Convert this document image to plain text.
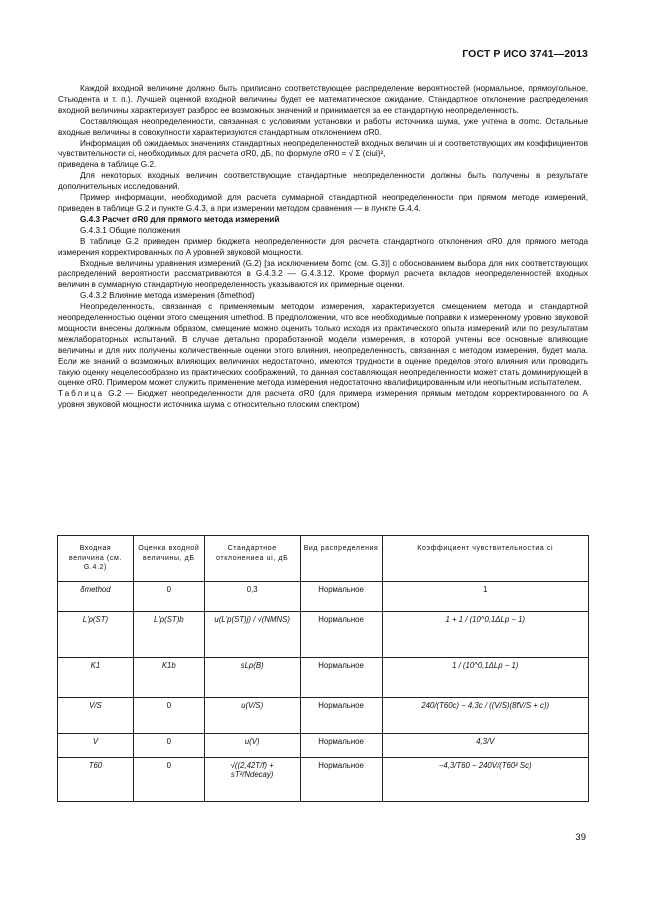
ГОСТ Р ИСО 3741—2013

Каждой входной величине должно быть приписано соответствующее распределение вероятностей (нормальное, прямоугольное, Стьюдента и т. п.). Лучшей оценкой входной величины будет ее математическое ожидание. Стандартное отклонение распределения входной величины характеризует разброс ее возможных значений и принимается за ее стандартную неопределенность.

Составляющая неопределенности, связанная с условиями установки и работы источника шума, уже учтена в σomc. Остальные входные величины в совокупности характеризуются стандартным отклонением σR0.

Информация об ожидаемых значениях стандартных неопределенностей входных величин ui и соответствующих им коэффициентов чувствительности ci, необходимых для расчета σR0, дБ, по формуле σR0 = √ Σ (ciui)²,

приведена в таблице G.2.

Для некоторых входных величин соответствующие стандартные неопределенности должны быть получены в результате дополнительных исследований.

Пример информации, необходимой для расчета суммарной стандартной неопределенности при прямом методе измерений, приведен в таблице G.2 и пункте G.4.3, а при измерении методом сравнения — в пункте G.4.4.

G.4.3 Расчет σR0 для прямого метода измерений

G.4.3.1 Общие положения

В таблице G.2 приведен пример бюджета неопределенности для расчета стандартного отклонения σR0 для прямого метода измерения корректированных по A уровней звуковой мощности.

Входные величины уравнения измерений (G.2) [за исключением δomc (см. G.3)] с обоснованием выбора для них соответствующих распределений вероятности рассматриваются в G.4.3.2 — G.4.3.12. Кроме формул расчета вкладов неопределенностей входных величин в суммарную стандартную неопределенность указываются их примерные оценки.

G.4.3.2 Влияние метода измерения (δmethod)

Неопределенность, связанная с применяемым методом измерения, характеризуется смещением метода и стандартной неопределенностью оценки этого смещения umethod. В предположении, что все необходимые поправки к измеренному уровню звуковой мощности внесены должным образом, смещение можно оценить только исходя из практического опыта измерений или по результатам межлабораторных испытаний. В случае детально проработанной модели измерения, в которой учтены все основные влияющие величины и для них получены количественные оценки этого влияния, неопределенность, связанная с методом измерения, будет мала. Если же знаний о возможных влияющих величинах недостаточно, имеются трудности в оценке пределов этого влияния или проводить такую оценку нецелесообразно из практических соображений, то данная составляющая неопределенности может стать доминирующей в оценке σR0. Примером может служить применение метода измерения недостаточно квалифицированным или неопытным испытателем.

Таблица G.2 — Бюджет неопределенности для расчета σR0 (для примера измерения прямым методом корректированного по A уровня звуковой мощности источника шума с относительно плоским спектром)

Входная величина (см. G.4.2)	Оценка входной величины, дБ	Стандартное отклонениеa ui, дБ	Вид распределения	Коэффициент чувствительностиa ci
δmethod	0	0,3	Нормальное	1
L'p(ST)	L'p(ST)b	u(L'p(ST)j) / √(NMNS)	Нормальное	1 + 1 / (10^0,1ΔLp − 1)
K1	K1b	sLp(B)	Нормальное	1 / (10^0,1ΔLp − 1)
V/S	0	u(V/S)	Нормальное	240/(T60c) − 4,3c / ((V/S)(8fV/S + c))
V	0	u(V)	Нормальное	4,3/V
T60	0	√((2,42T/f) + sT²/Ndecay)	Нормальное	−4,3/T60 − 240V/(T60² Sc)
39
